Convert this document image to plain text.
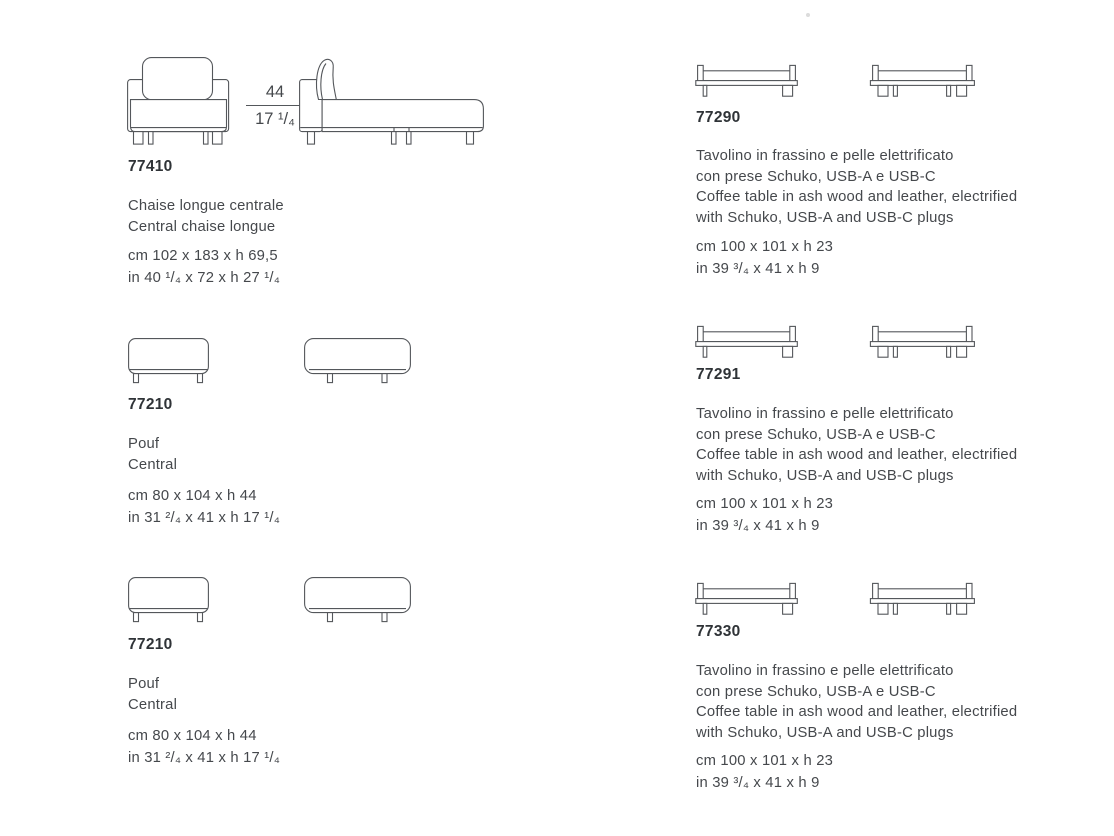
44
17 ¹/₄
77410
Chaise longue centrale
Central chaise longue
cm 102 x 183 x h 69,5
in 40 ¹/₄ x 72 x h 27 ¹/₄
77210
Pouf
Central
cm 80 x 104 x h 44
in 31 ²/₄ x 41 x h 17 ¹/₄
77210
Pouf
Central
cm 80 x 104 x h 44
in 31 ²/₄ x 41 x h 17 ¹/₄
77290
Tavolino in frassino e pelle elettrificato
con prese Schuko, USB-A e USB-C
Coffee table in ash wood and leather, electrified
with Schuko, USB-A and USB-C plugs
cm 100 x 101 x h 23
in 39 ³/₄ x 41 x h 9
77291
Tavolino in frassino e pelle elettrificato
con prese Schuko, USB-A e USB-C
Coffee table in ash wood and leather, electrified
with Schuko, USB-A and USB-C plugs
cm 100 x 101 x h 23
in 39 ³/₄ x 41 x h 9
77330
Tavolino in frassino e pelle elettrificato
con prese Schuko, USB-A e USB-C
Coffee table in ash wood and leather, electrified
with Schuko, USB-A and USB-C plugs
cm 100 x 101 x h 23
in 39 ³/₄ x 41 x h 9
